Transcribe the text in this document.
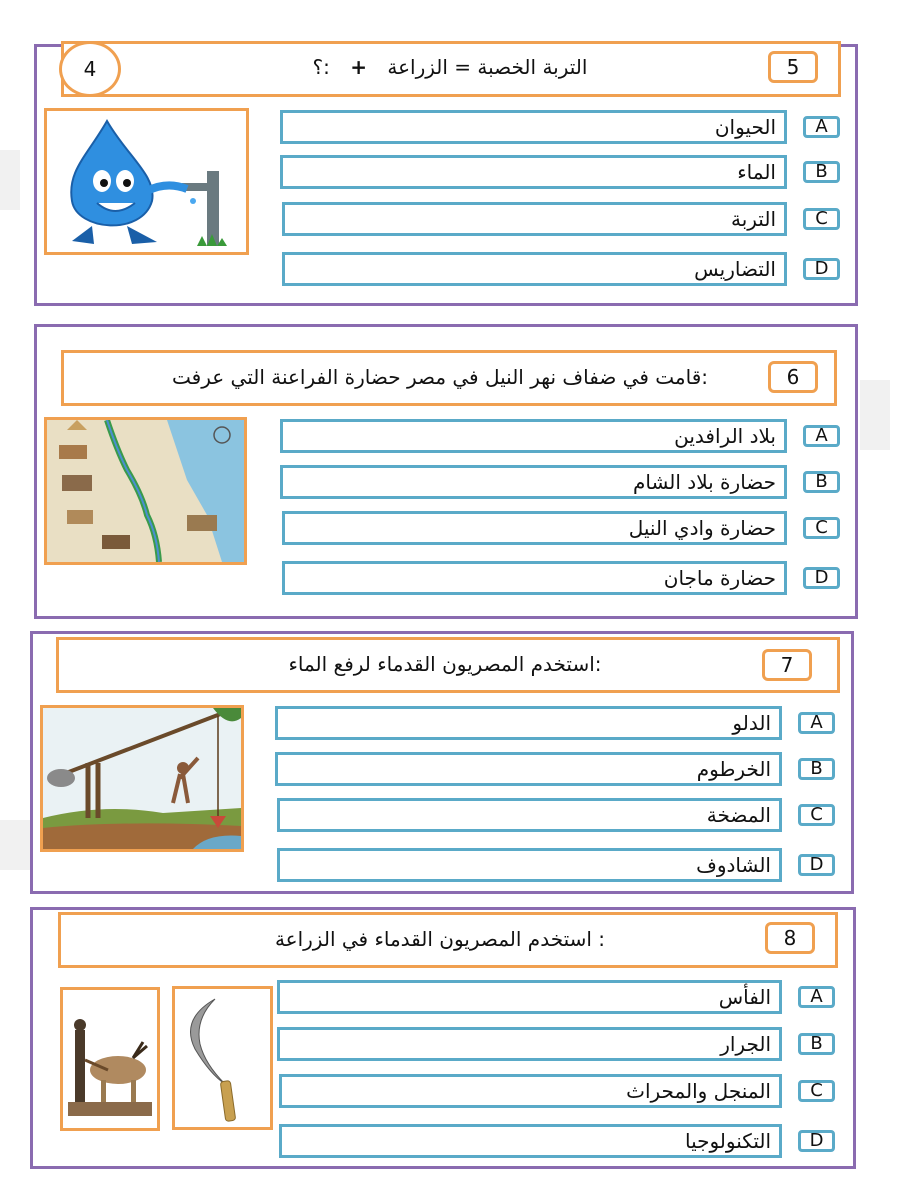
4	التربة الخصبة = الزراعة + :؟	5
الحيوان	A
الماء	B
التربة	C
التضاريس	D
:قامت في ضفاف نهر النيل في مصر حضارة الفراعنة التي عرفت	6
بلاد الرافدين	A
حضارة بلاد الشام	B
حضارة وادي النيل	C
حضارة ماجان	D
:استخدم المصريون القدماء لرفع الماء	7
الدلو	A
الخرطوم	B
المضخة	C
الشادوف	D
: استخدم المصريون القدماء في الزراعة	8
الفأس	A
الجرار	B
المنجل والمحراث	C
التكنولوجيا	D
